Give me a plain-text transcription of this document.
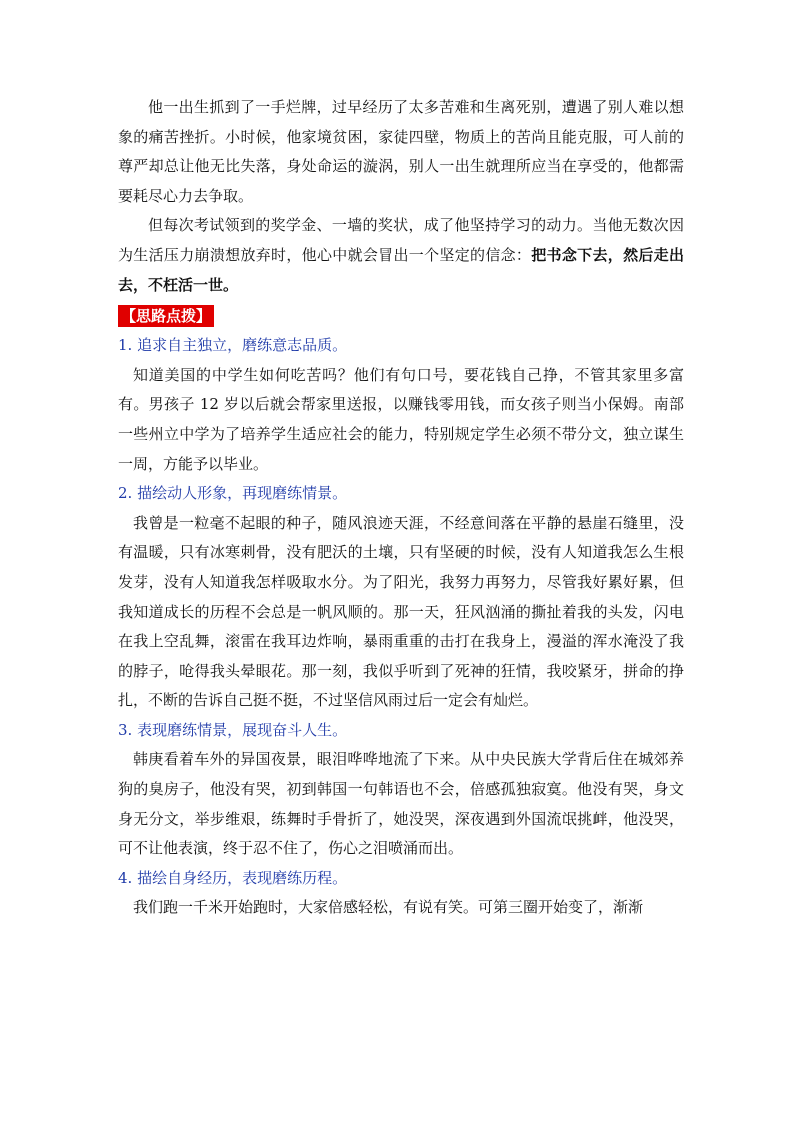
他一出生抓到了一手烂牌，过早经历了太多苦难和生离死别，遭遇了别人难以想象的痛苦挫折。小时候，他家境贫困，家徒四壁，物质上的苦尚且能克服，可人前的尊严却总让他无比失落，身处命运的漩涡，别人一出生就理所应当在享受的，他都需要耗尽心力去争取。

但每次考试领到的奖学金、一墙的奖状，成了他坚持学习的动力。当他无数次因为生活压力崩溃想放弃时，他心中就会冒出一个坚定的信念：把书念下去，然后走出去，不枉活一世。

【思路点拨】

1. 追求自主独立，磨练意志品质。

知道美国的中学生如何吃苦吗？他们有句口号，要花钱自己挣，不管其家里多富有。男孩子 12 岁以后就会帮家里送报，以赚钱零用钱，而女孩子则当小保姆。南部一些州立中学为了培养学生适应社会的能力，特别规定学生必须不带分文，独立谋生一周，方能予以毕业。

2. 描绘动人形象，再现磨练情景。

我曾是一粒毫不起眼的种子，随风浪迹天涯，不经意间落在平静的悬崖石缝里，没有温暖，只有冰寒刺骨，没有肥沃的土壤，只有坚硬的时候，没有人知道我怎么生根发芽，没有人知道我怎样吸取水分。为了阳光，我努力再努力，尽管我好累好累，但我知道成长的历程不会总是一帆风顺的。那一天，狂风汹涌的撕扯着我的头发，闪电在我上空乱舞，滚雷在我耳边炸响，暴雨重重的击打在我身上，漫溢的浑水淹没了我的脖子，呛得我头晕眼花。那一刻，我似乎听到了死神的狂情，我咬紧牙，拼命的挣扎，不断的告诉自己挺不挺，不过坚信风雨过后一定会有灿烂。

3. 表现磨练情景，展现奋斗人生。

韩庚看着车外的异国夜景，眼泪哗哗地流了下来。从中央民族大学背后住在城郊养狗的臭房子，他没有哭，初到韩国一句韩语也不会，倍感孤独寂寞。他没有哭，身文身无分文，举步维艰，练舞时手骨折了，她没哭，深夜遇到外国流氓挑衅，他没哭，可不让他表演，终于忍不住了，伤心之泪喷涌而出。

4. 描绘自身经历，表现磨练历程。

我们跑一千米开始跑时，大家倍感轻松，有说有笑。可第三圈开始变了，渐渐
